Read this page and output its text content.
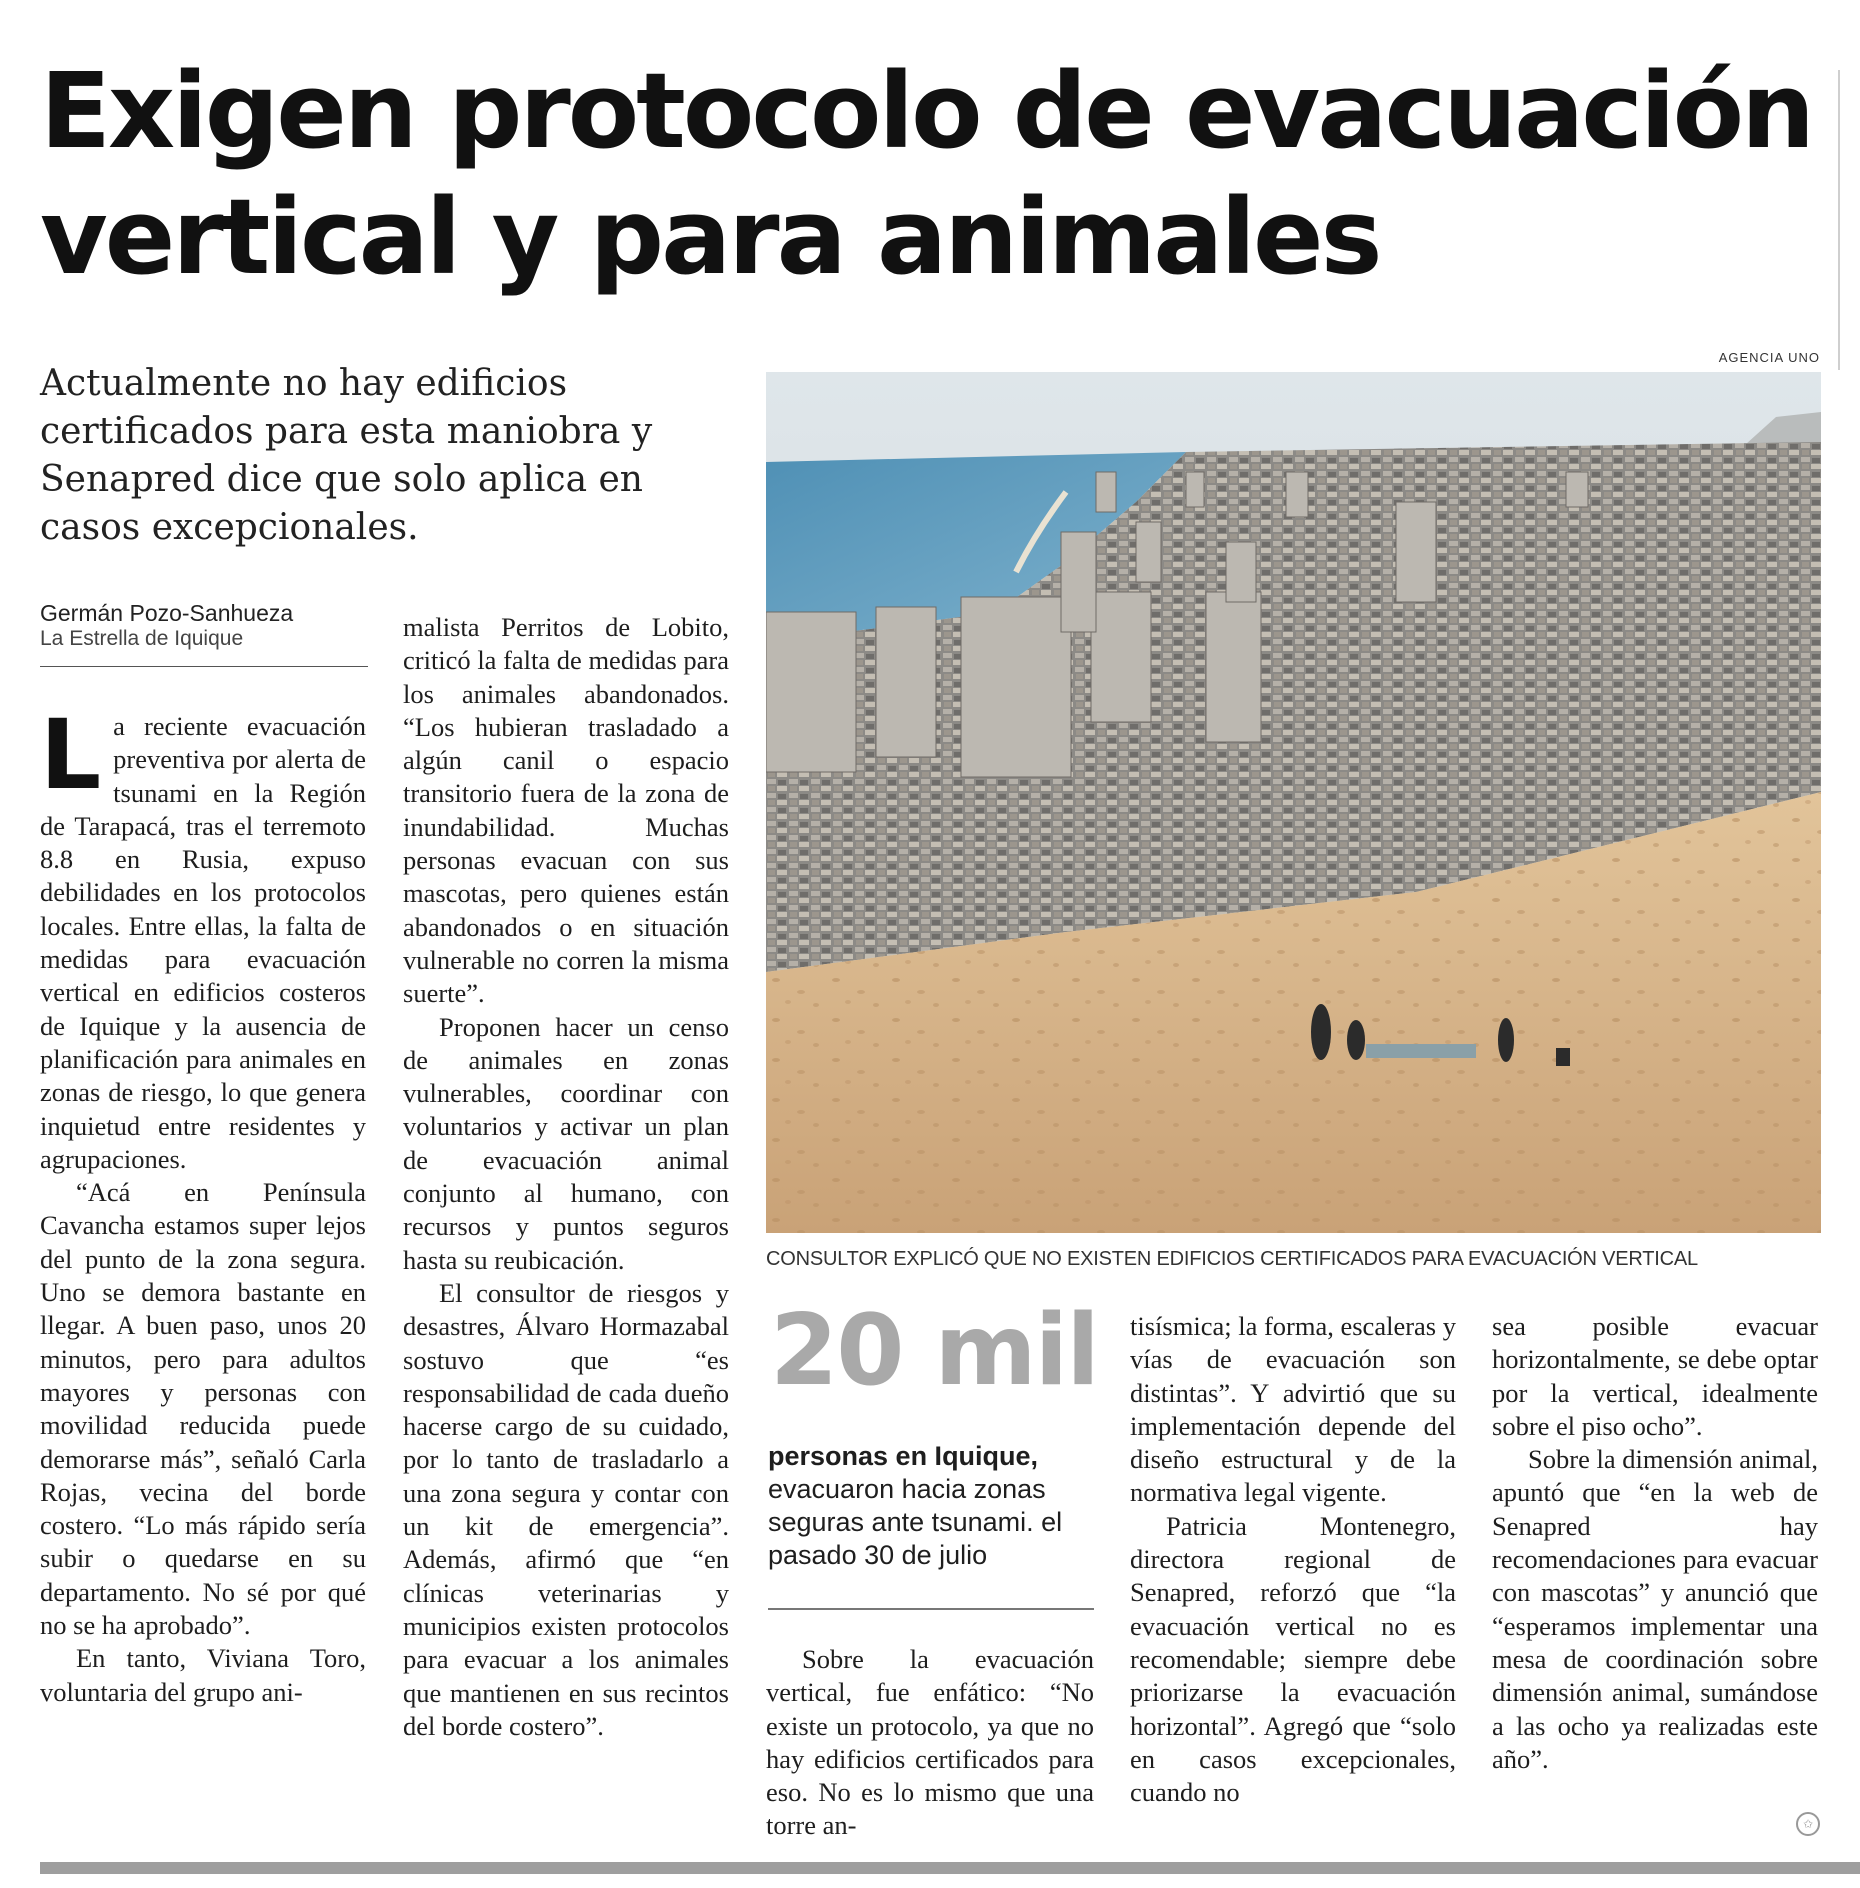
Exigen protocolo de evacuación
vertical y para animales

Actualmente no hay edificios certificados para esta maniobra y Senapred dice que solo aplica en casos excepcionales.

Germán Pozo-Sanhueza
La Estrella de Iquique

La reciente evacuación preventiva por alerta de tsunami en la Región de Tarapacá, tras el terremoto 8.8 en Rusia, expuso debilidades en los protocolos locales. Entre ellas, la falta de medidas para evacuación vertical en edificios costeros de Iquique y la ausencia de planificación para animales en zonas de riesgo, lo que genera inquietud entre residentes y agrupaciones.

“Acá en Península Cavancha estamos super lejos del punto de la zona segura. Uno se demora bastante en llegar. A buen paso, unos 20 minutos, pero para adultos mayores y personas con movilidad reducida puede demorarse más”, señaló Carla Rojas, vecina del borde costero. “Lo más rápido sería subir o quedarse en su departamento. No sé por qué no se ha aprobado”.

En tanto, Viviana Toro, voluntaria del grupo ani-

malista Perritos de Lobito, criticó la falta de medidas para los animales abandonados. “Los hubieran trasladado a algún canil o espacio transitorio fuera de la zona de inundabilidad. Muchas personas evacuan con sus mascotas, pero quienes están abandonados o en situación vulnerable no corren la misma suerte”.

Proponen hacer un censo de animales en zonas vulnerables, coordinar con voluntarios y activar un plan de evacuación animal conjunto al humano, con recursos y puntos seguros hasta su reubicación.

El consultor de riesgos y desastres, Álvaro Hormazabal sostuvo que “es responsabilidad de cada dueño hacerse cargo de su cuidado, por lo tanto de trasladarlo a una zona segura y contar con un kit de emergencia”. Además, afirmó que “en clínicas veterinarias y municipios existen protocolos para evacuar a los animales que mantienen en sus recintos del borde costero”.

AGENCIA UNO
CONSULTOR EXPLICÓ QUE NO EXISTEN EDIFICIOS CERTIFICADOS PARA EVACUACIÓN VERTICAL
20 mil
personas en Iquique,
evacuaron hacia zonas seguras ante tsunami. el pasado 30 de julio

Sobre la evacuación vertical, fue enfático: “No existe un protocolo, ya que no hay edificios certificados para eso. No es lo mismo que una torre an-

tisísmica; la forma, escaleras y vías de evacuación son distintas”. Y advirtió que su implementación depende del diseño estructural y de la normativa legal vigente.

Patricia Montenegro, directora regional de Senapred, reforzó que “la evacuación vertical no es recomendable; siempre debe priorizarse la evacuación horizontal”. Agregó que “solo en casos excepcionales, cuando no

sea posible evacuar horizontalmente, se debe optar por la vertical, idealmente sobre el piso ocho”.

Sobre la dimensión animal, apuntó que “en la web de Senapred hay recomendaciones para evacuar con mascotas” y anunció que “esperamos implementar una mesa de coordinación sobre dimensión animal, sumándose a las ocho ya realizadas este año”.

✩
